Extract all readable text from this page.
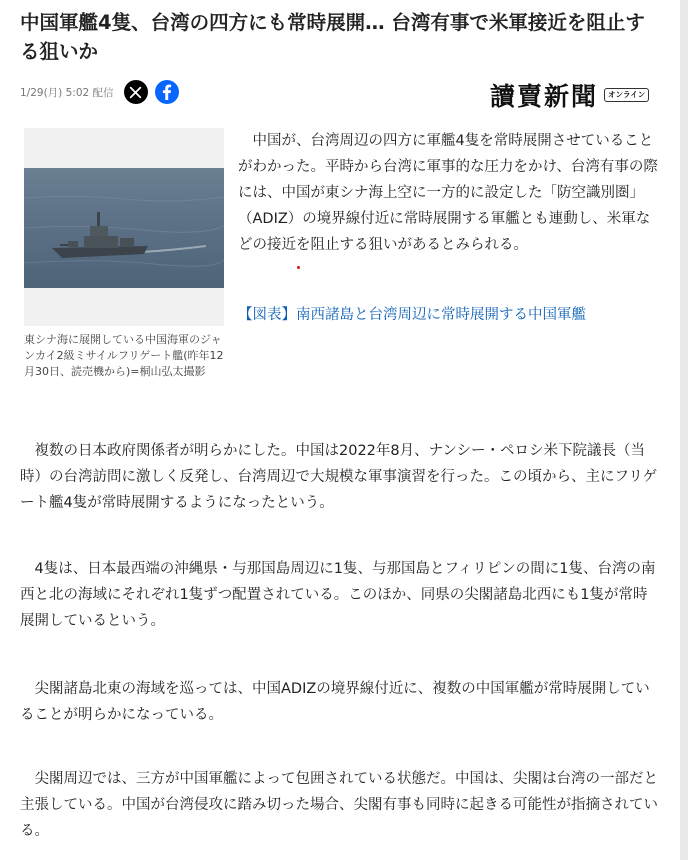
中国軍艦4隻、台湾の四方にも常時展開… 台湾有事で米軍接近を阻止する狙いか
1/29(月) 5:02 配信	讀賣新聞	オンライン
東シナ海に展開している中国海軍のジャンカイ2級ミサイルフリゲート艦(昨年12月30日、読売機から)=桐山弘太撮影

　中国が、台湾周辺の四方に軍艦4隻を常時展開させていることがわかった。平時から台湾に軍事的な圧力をかけ、台湾有事の際には、中国が東シナ海上空に一方的に設定した「防空識別圏」（ADIZ）の境界線付近に常時展開する軍艦とも連動し、米軍などの接近を阻止する狙いがあるとみられる。

【図表】南西諸島と台湾周辺に常時展開する中国軍艦

　複数の日本政府関係者が明らかにした。中国は2022年8月、ナンシー・ペロシ米下院議長（当時）の台湾訪問に激しく反発し、台湾周辺で大規模な軍事演習を行った。この頃から、主にフリゲート艦4隻が常時展開するようになったという。

　4隻は、日本最西端の沖縄県・与那国島周辺に1隻、与那国島とフィリピンの間に1隻、台湾の南西と北の海域にそれぞれ1隻ずつ配置されている。このほか、同県の尖閣諸島北西にも1隻が常時展開しているという。

　尖閣諸島北東の海域を巡っては、中国ADIZの境界線付近に、複数の中国軍艦が常時展開していることが明らかになっている。

　尖閣周辺では、三方が中国軍艦によって包囲されている状態だ。中国は、尖閣は台湾の一部だと主張している。中国が台湾侵攻に踏み切った場合、尖閣有事も同時に起きる可能性が指摘されている。
